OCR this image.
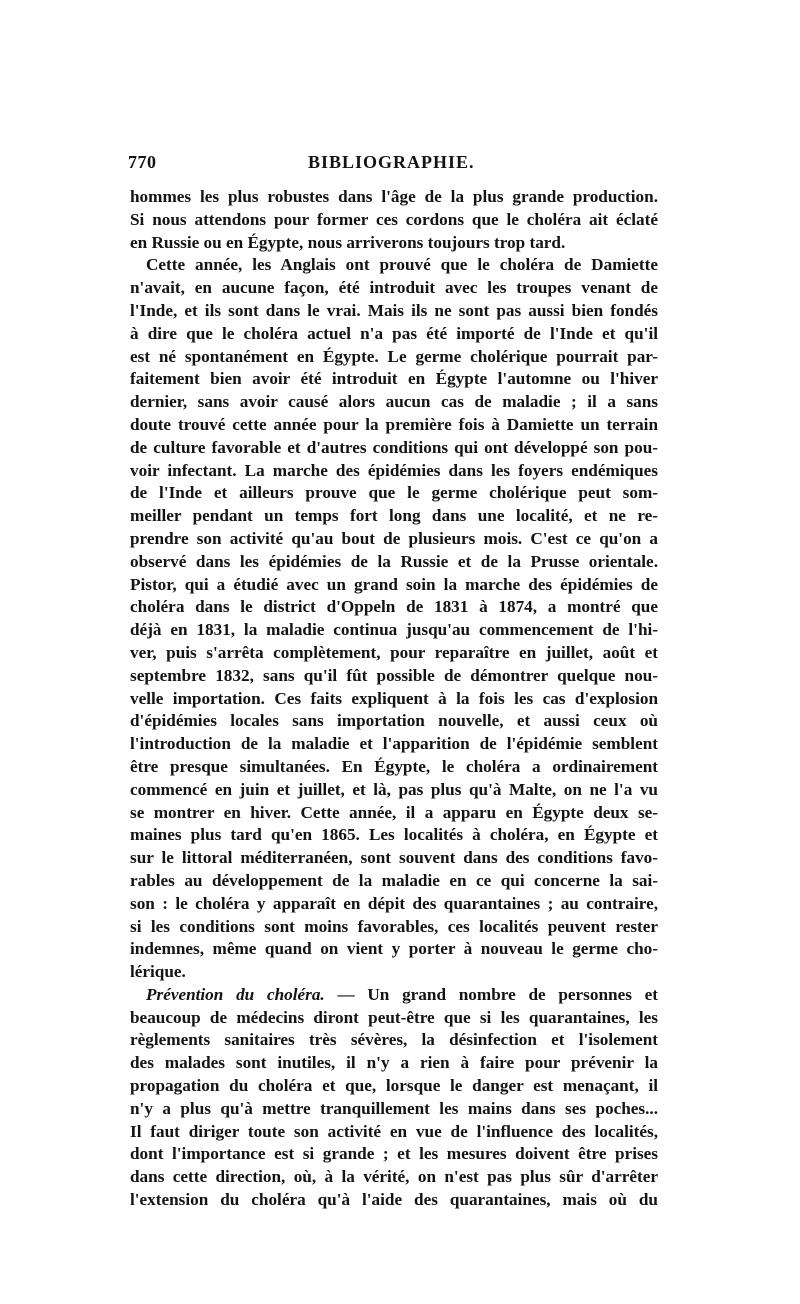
770	BIBLIOGRAPHIE.
hommes les plus robustes dans l'âge de la plus grande production.
Si nous attendons pour former ces cordons que le choléra ait éclaté
en Russie ou en Égypte, nous arriverons toujours trop tard.
Cette année, les Anglais ont prouvé que le choléra de Damiette
n'avait, en aucune façon, été introduit avec les troupes venant de
l'Inde, et ils sont dans le vrai. Mais ils ne sont pas aussi bien fondés
à dire que le choléra actuel n'a pas été importé de l'Inde et qu'il
est né spontanément en Égypte. Le germe cholérique pourrait par-
faitement bien avoir été introduit en Égypte l'automne ou l'hiver
dernier, sans avoir causé alors aucun cas de maladie ; il a sans
doute trouvé cette année pour la première fois à Damiette un terrain
de culture favorable et d'autres conditions qui ont développé son pou-
voir infectant. La marche des épidémies dans les foyers endémiques
de l'Inde et ailleurs prouve que le germe cholérique peut som-
meiller pendant un temps fort long dans une localité, et ne re-
prendre son activité qu'au bout de plusieurs mois. C'est ce qu'on a
observé dans les épidémies de la Russie et de la Prusse orientale.
Pistor, qui a étudié avec un grand soin la marche des épidémies de
choléra dans le district d'Oppeln de 1831 à 1874, a montré que
déjà en 1831, la maladie continua jusqu'au commencement de l'hi-
ver, puis s'arrêta complètement, pour reparaître en juillet, août et
septembre 1832, sans qu'il fût possible de démontrer quelque nou-
velle importation. Ces faits expliquent à la fois les cas d'explosion
d'épidémies locales sans importation nouvelle, et aussi ceux où
l'introduction de la maladie et l'apparition de l'épidémie semblent
être presque simultanées. En Égypte, le choléra a ordinairement
commencé en juin et juillet, et là, pas plus qu'à Malte, on ne l'a vu
se montrer en hiver. Cette année, il a apparu en Égypte deux se-
maines plus tard qu'en 1865. Les localités à choléra, en Égypte et
sur le littoral méditerranéen, sont souvent dans des conditions favo-
rables au développement de la maladie en ce qui concerne la sai-
son : le choléra y apparaît en dépit des quarantaines ; au contraire,
si les conditions sont moins favorables, ces localités peuvent rester
indemnes, même quand on vient y porter à nouveau le germe cho-
lérique.
Prévention du choléra. — Un grand nombre de personnes et
beaucoup de médecins diront peut-être que si les quarantaines, les
règlements sanitaires très sévères, la désinfection et l'isolement
des malades sont inutiles, il n'y a rien à faire pour prévenir la
propagation du choléra et que, lorsque le danger est menaçant, il
n'y a plus qu'à mettre tranquillement les mains dans ses poches...
Il faut diriger toute son activité en vue de l'influence des localités,
dont l'importance est si grande ; et les mesures doivent être prises
dans cette direction, où, à la vérité, on n'est pas plus sûr d'arrêter
l'extension du choléra qu'à l'aide des quarantaines, mais où du
